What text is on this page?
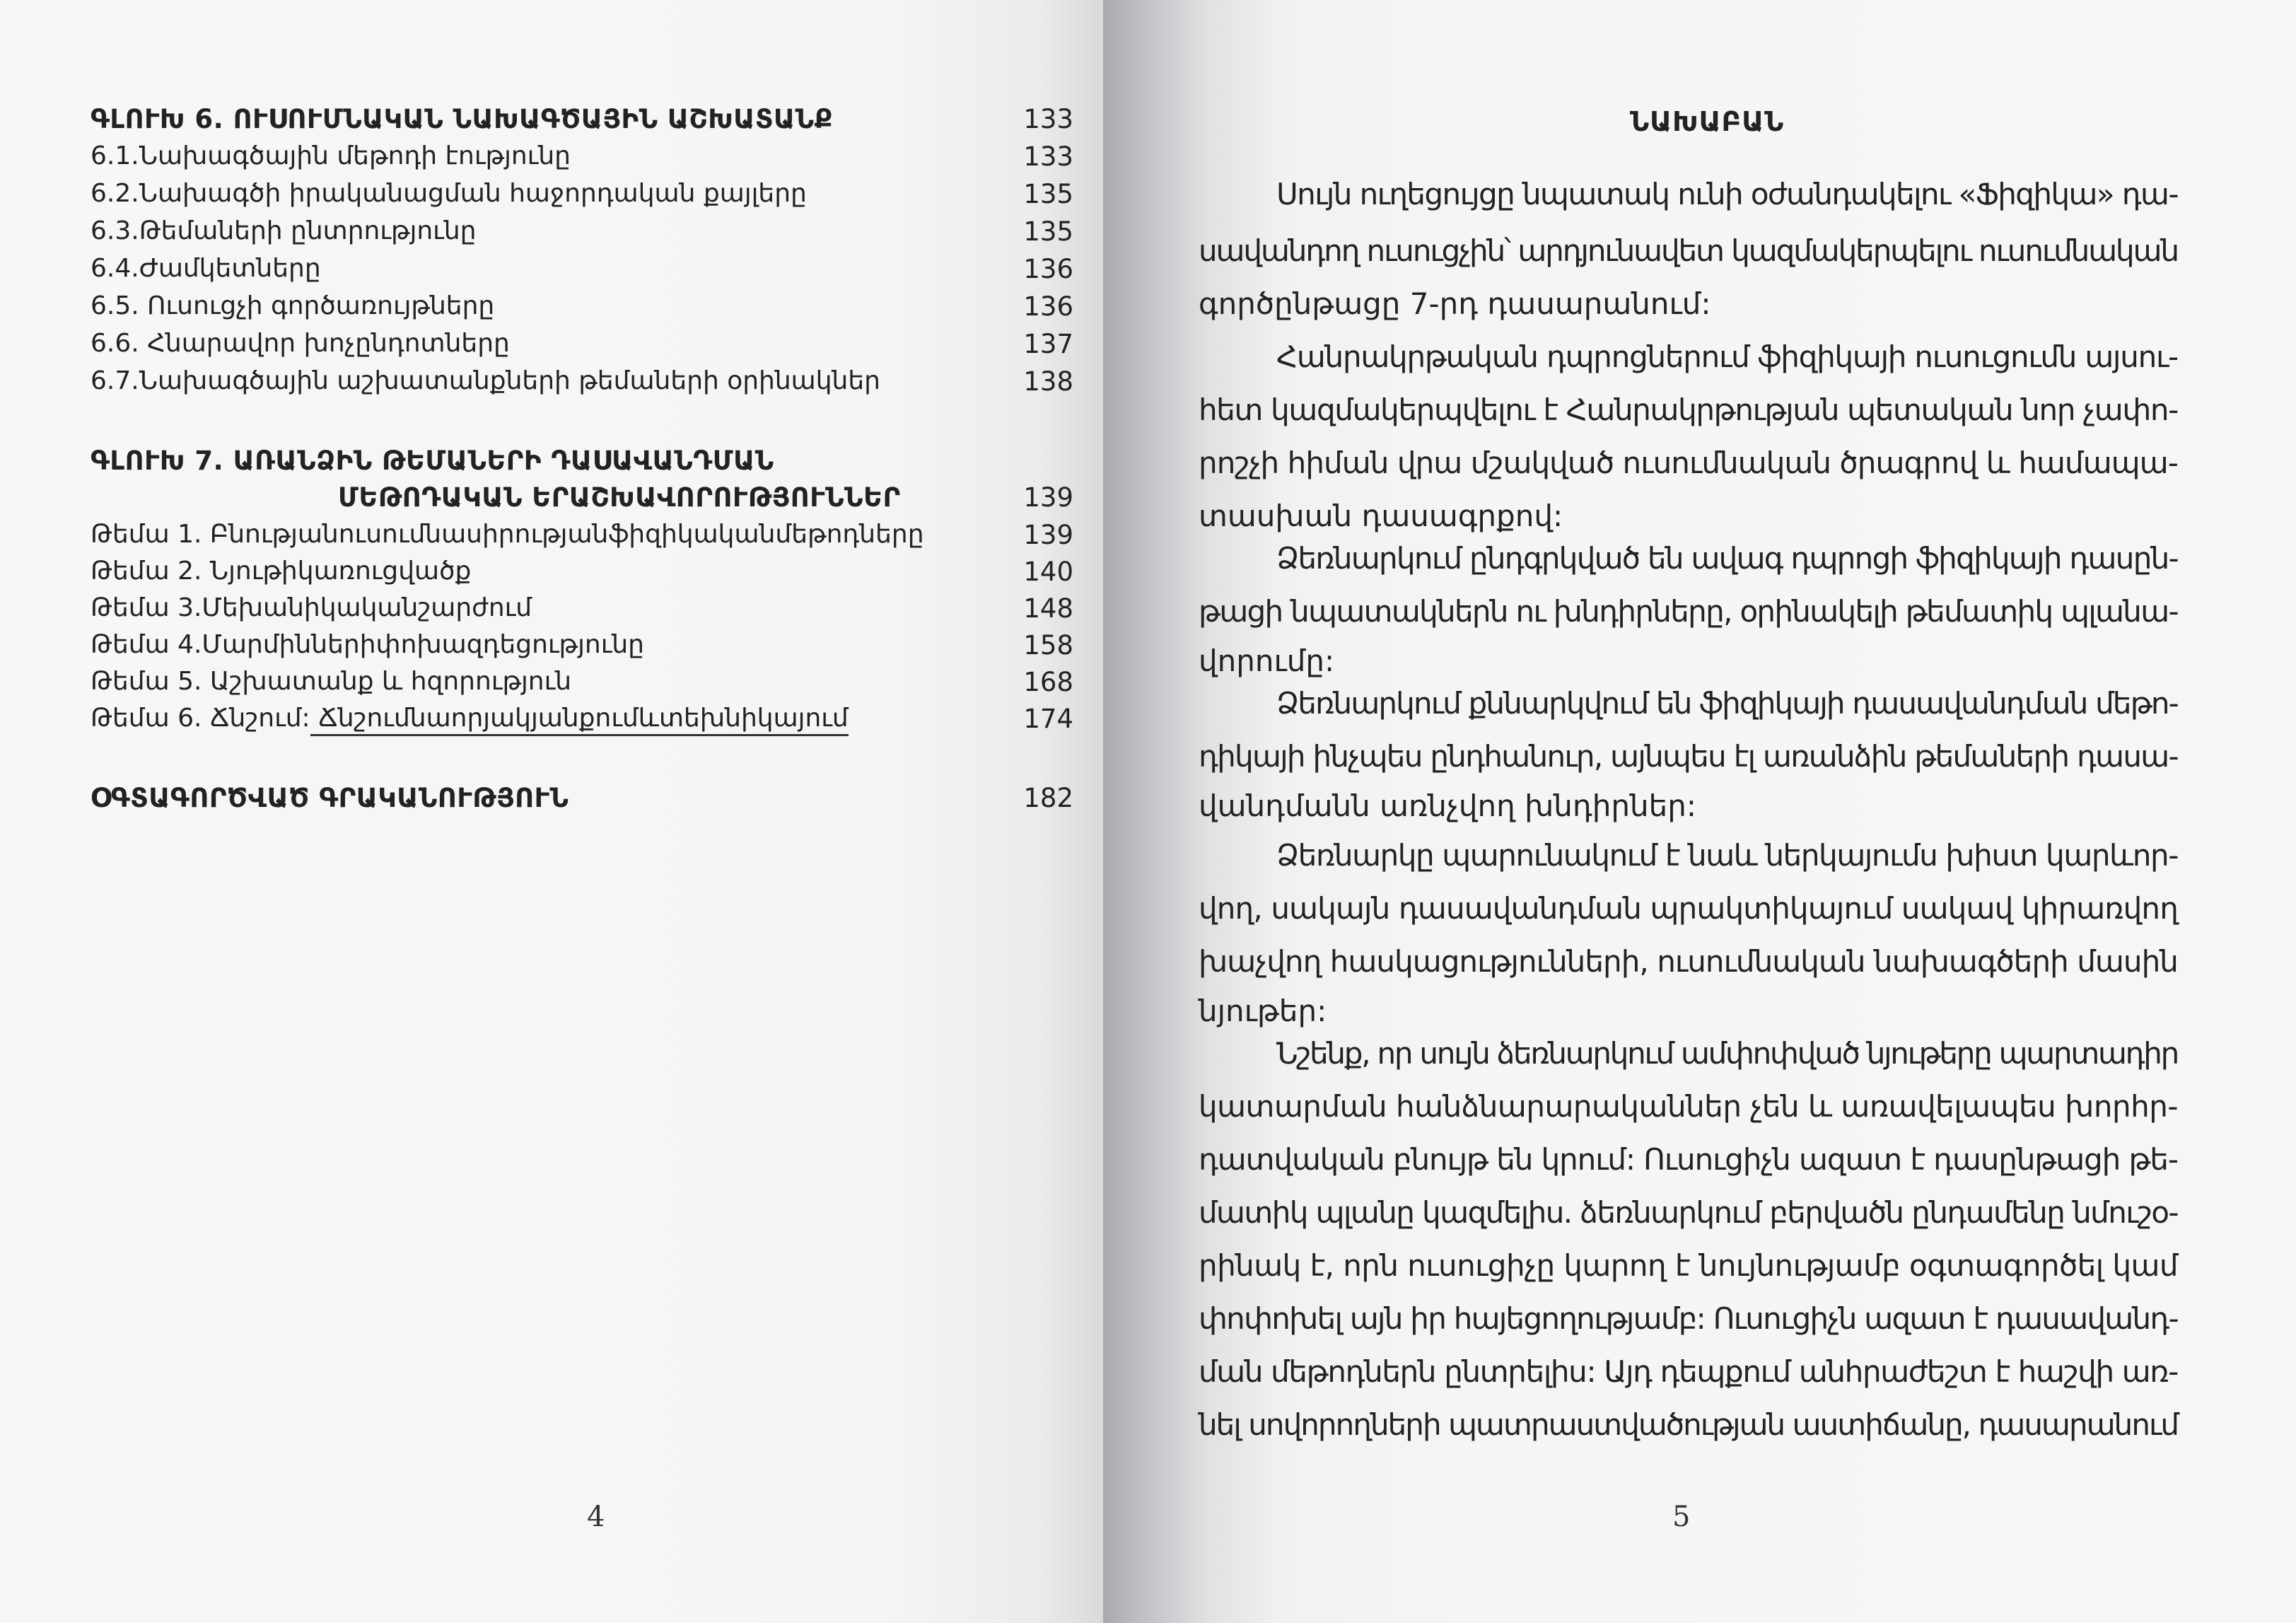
ԳԼՈՒԽ 6. ՈՒՍՈՒՄՆԱԿԱՆ ՆԱԽԱԳԾԱՅԻՆ ԱՇԽԱՏԱՆՔ	133
6.1.Նախագծային մեթոդի էությունը	133
6.2.Նախագծի իրականացման հաջորդական քայլերը	135
6.3.Թեմաների ընտրությունը	135
6.4.Ժամկետները	136
6.5. Ուսուցչի գործառույթները	136
6.6. Հնարավոր խոչընդոտները	137
6.7.Նախագծային աշխատանքների թեմաների օրինակներ	138
ԳԼՈՒԽ 7. ԱՌԱՆՁԻՆ ԹԵՄԱՆԵՐԻ ԴԱՍԱՎԱՆԴՄԱՆ
ՄԵԹՈԴԱԿԱՆ ԵՐԱՇԽԱՎՈՐՈՒԹՅՈՒՆՆԵՐ	139
Թեմա 1. Բնությանուսումնասիրությանֆիզիկականմեթոդները	139
Թեմա 2. Նյութիկառուցվածք	140
Թեմա 3.Մեխանիկականշարժում	148
Թեմա 4.Մարմիններիփոխազդեցությունը	158
Թեմա 5. Աշխատանք և հզորություն	168
Թեմա 6. Ճնշում: Ճնշումնաորյակյանքումևտեխնիկայում	174
ՕԳՏԱԳՈՐԾՎԱԾ ԳՐԱԿԱՆՈՒԹՅՈՒՆ	182
4
ՆԱԽԱԲԱՆ
Սույն ուղեցույցը նպատակ ունի օժանդակելու «Ֆիզիկա» դա-
սավանդող ուսուցչին՝ արդյունավետ կազմակերպելու ուսումնական
գործընթացը 7-րդ դասարանում:
Հանրակրթական դպրոցներում ֆիզիկայի ուսուցումն այսու-
հետ կազմակերպվելու է Հանրակրթության պետական նոր չափո-
րոշչի հիման վրա մշակված ուսումնական ծրագրով և համապա-
տասխան դասագրքով:
Ձեռնարկում ընդգրկված են ավագ դպրոցի ֆիզիկայի դասըն-
թացի նպատակներն ու խնդիրները, օրինակելի թեմատիկ պլանա-
վորումը:
Ձեռնարկում քննարկվում են ֆիզիկայի դասավանդման մեթո-
դիկայի ինչպես ընդհանուր, այնպես էլ առանձին թեմաների դասա-
վանդմանն առնչվող խնդիրներ:
Ձեռնարկը պարունակում է նաև ներկայումս խիստ կարևոր-
վող, սակայն դասավանդման պրակտիկայում սակավ կիրառվող
խաչվող հասկացությունների, ուսումնական նախագծերի մասին
նյութեր:
Նշենք, որ սույն ձեռնարկում ամփոփված նյութերը պարտադիր
կատարման հանձնարարականներ չեն և առավելապես խորհր-
դատվական բնույթ են կրում: Ուսուցիչն ազատ է դասընթացի թե-
մատիկ պլանը կազմելիս. ձեռնարկում բերվածն ընդամենը նմուշօ-
րինակ է, որն ուսուցիչը կարող է նույնությամբ օգտագործել կամ
փոփոխել այն իր հայեցողությամբ: Ուսուցիչն ազատ է դասավանդ-
ման մեթոդներն ընտրելիս: Այդ դեպքում անհրաժեշտ է հաշվի առ-
նել սովորողների պատրաստվածության աստիճանը, դասարանում
5
